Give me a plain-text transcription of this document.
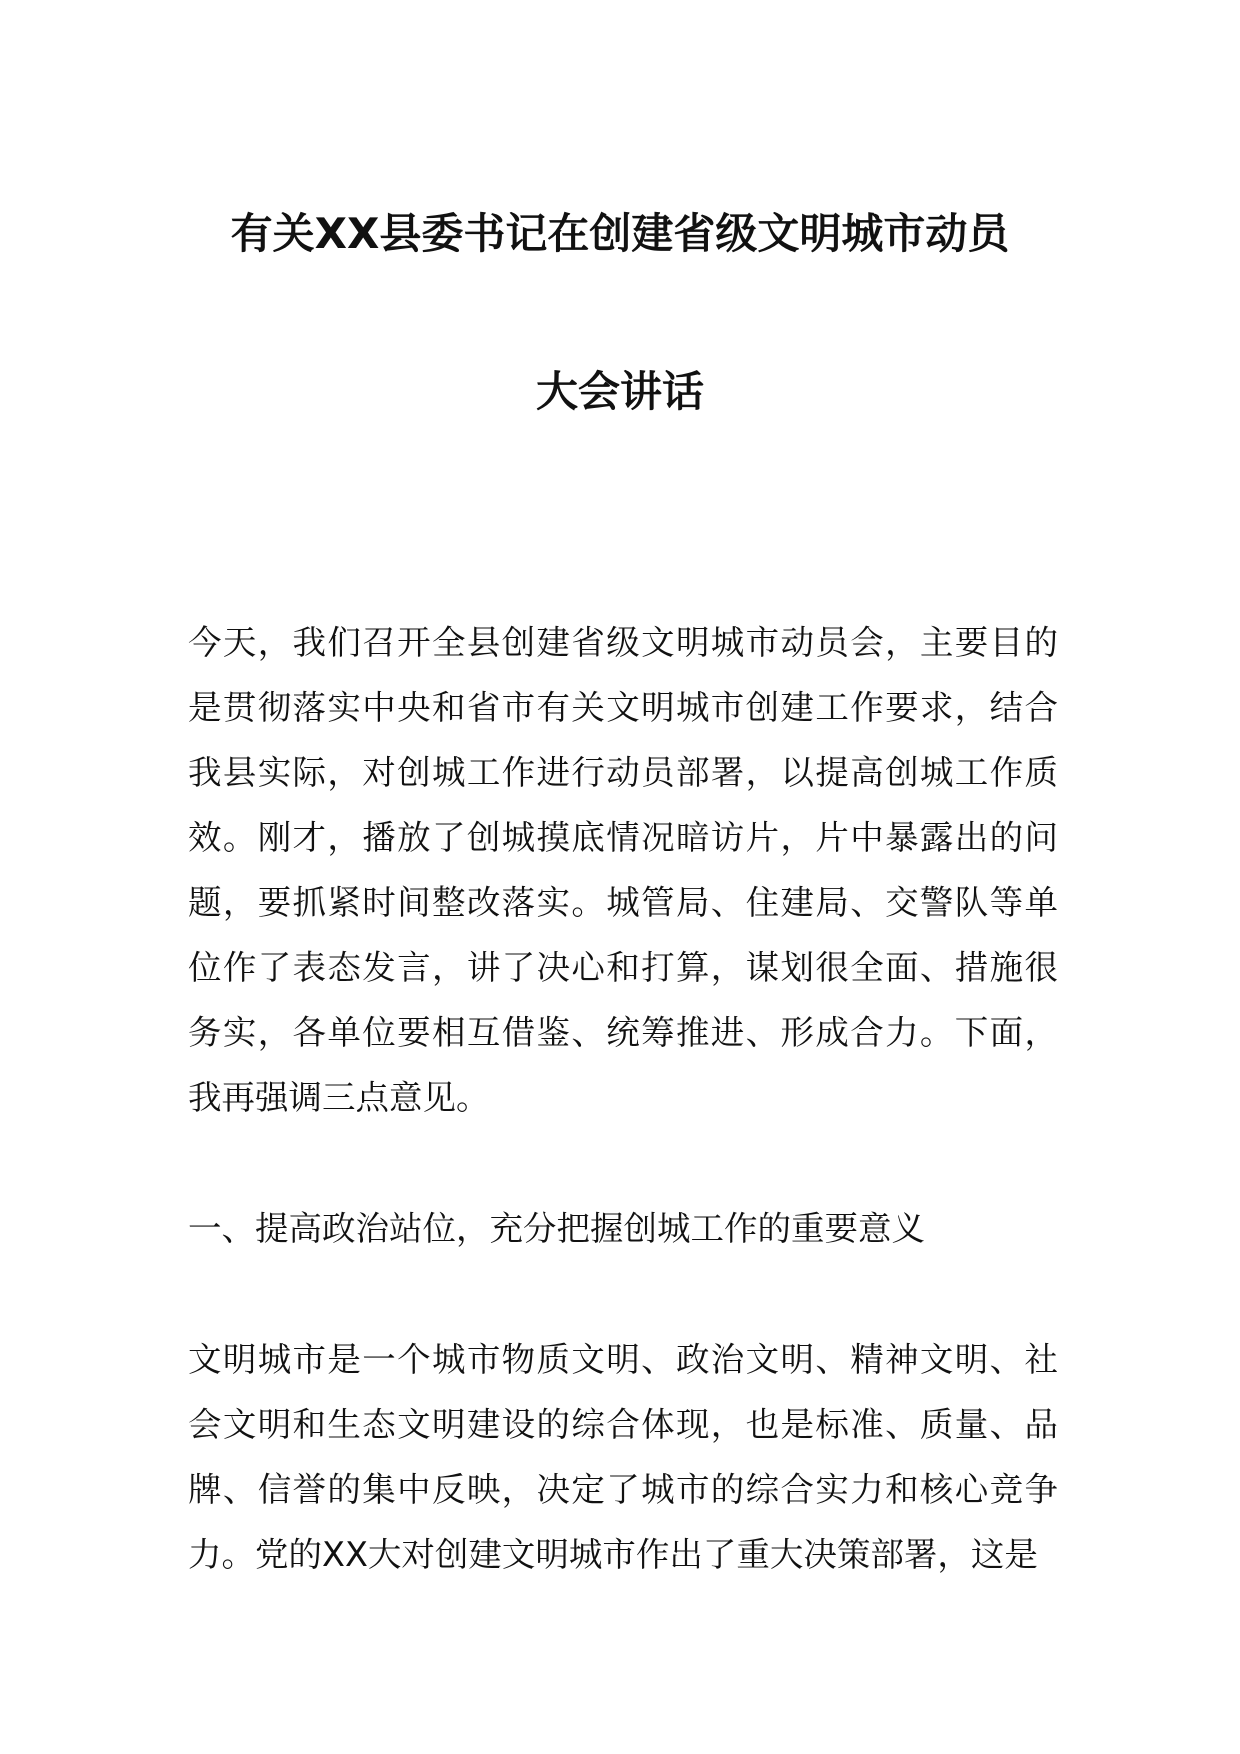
有关XX县委书记在创建省级文明城市动员
大会讲话

今天，我们召开全县创建省级文明城市动员会，主要目的是贯彻落实中央和省市有关文明城市创建工作要求，结合我县实际，对创城工作进行动员部署，以提高创城工作质效。刚才，播放了创城摸底情况暗访片，片中暴露出的问题，要抓紧时间整改落实。城管局、住建局、交警队等单位作了表态发言，讲了决心和打算，谋划很全面、措施很务实，各单位要相互借鉴、统筹推进、形成合力。下面，我再强调三点意见。

一、提高政治站位，充分把握创城工作的重要意义

文明城市是一个城市物质文明、政治文明、精神文明、社会文明和生态文明建设的综合体现，也是标准、质量、品牌、信誉的集中反映，决定了城市的综合实力和核心竞争力。党的XX大对创建文明城市作出了重大决策部署，这是
